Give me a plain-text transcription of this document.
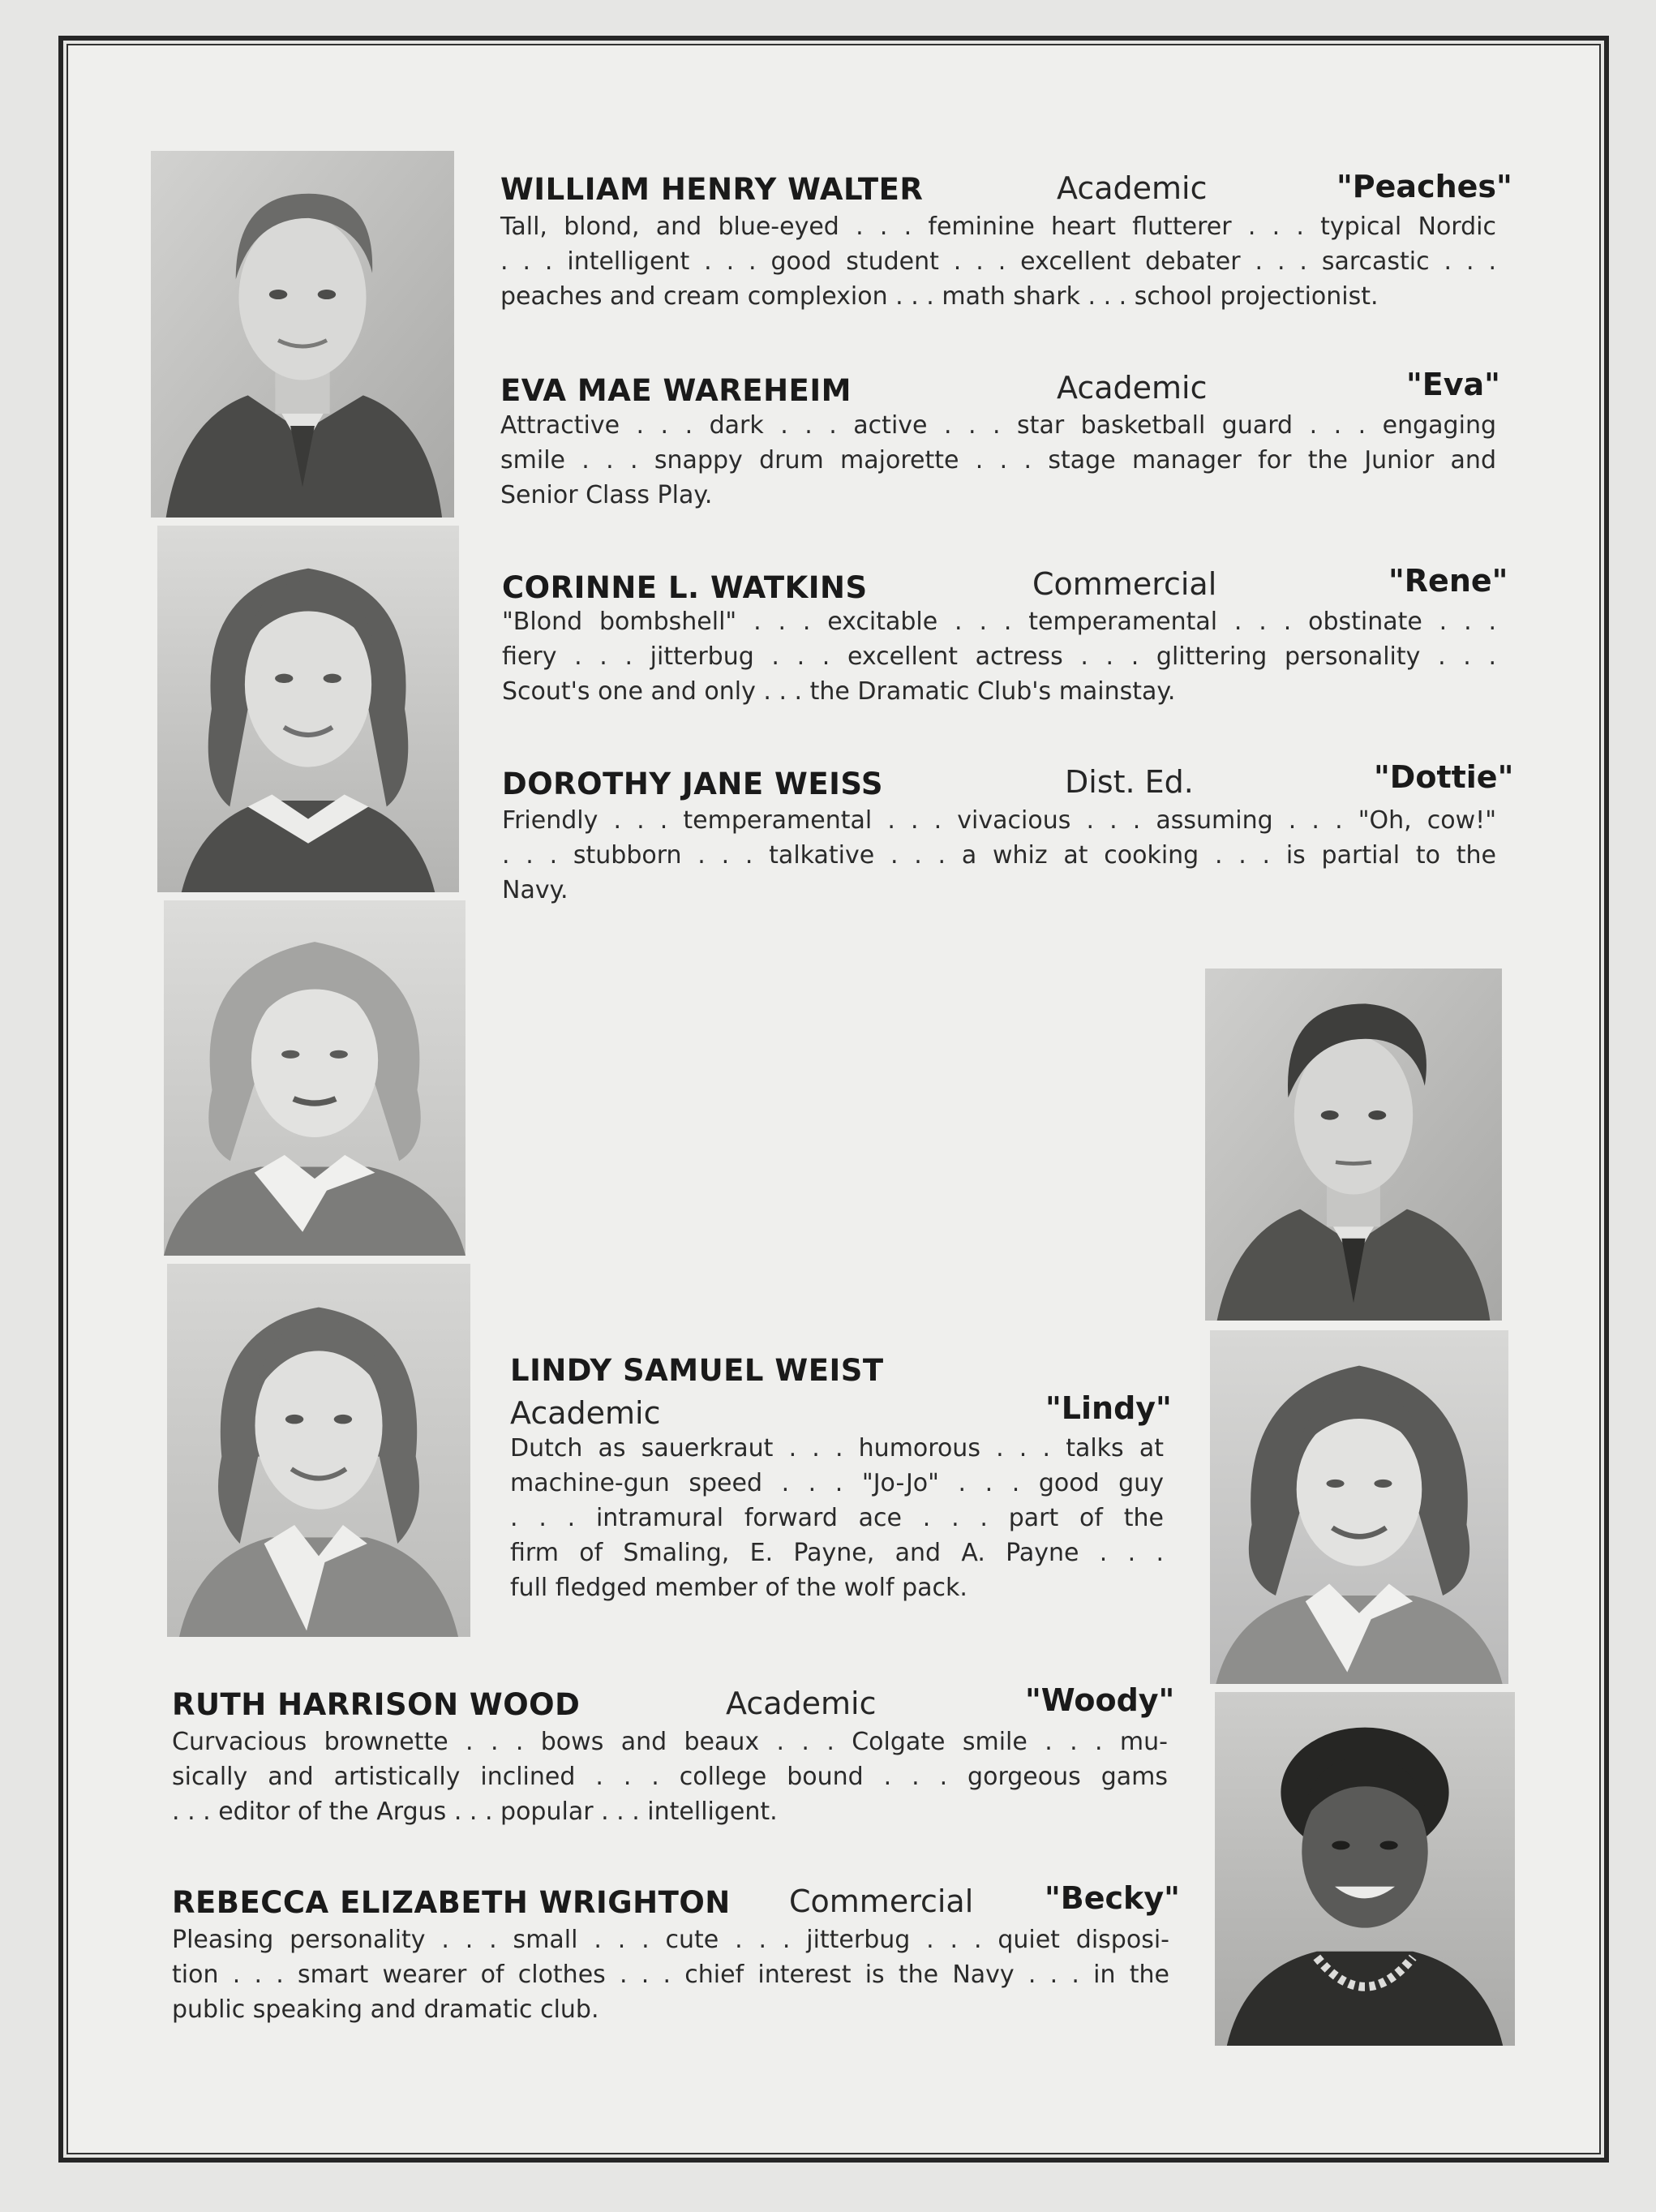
WILLIAM HENRY WALTER	Academic	"Peaches"
Tall, blond, and blue-eyed . . . feminine heart flutterer . . . typical Nordic
. . . intelligent . . . good student . . . excellent debater . . . sarcastic . . .
peaches and cream complexion . . . math shark . . . school projectionist.
EVA MAE WAREHEIM	Academic	"Eva"
Attractive . . . dark . . . active . . . star basketball guard . . . engaging
smile . . . snappy drum majorette . . . stage manager for the Junior and
Senior Class Play.
CORINNE L. WATKINS	Commercial	"Rene"
"Blond bombshell" . . . excitable . . . temperamental . . . obstinate . . .
fiery . . . jitterbug . . . excellent actress . . . glittering personality . . .
Scout's one and only . . . the Dramatic Club's mainstay.
DOROTHY JANE WEISS	Dist. Ed.	"Dottie"
Friendly . . . temperamental . . . vivacious . . . assuming . . . "Oh, cow!"
. . . stubborn . . . talkative . . . a whiz at cooking . . . is partial to the
Navy.
LINDY SAMUEL WEIST
Academic	"Lindy"
Dutch as sauerkraut . . . humorous . . . talks at
machine-gun speed . . . "Jo-Jo" . . . good guy
. . . intramural forward ace . . . part of the
firm of Smaling, E. Payne, and A. Payne . . .
full fledged member of the wolf pack.
RUTH HARRISON WOOD	Academic	"Woody"
Curvacious brownette . . . bows and beaux . . . Colgate smile . . . mu-
sically and artistically inclined . . . college bound . . . gorgeous gams
. . . editor of the Argus . . . popular . . . intelligent.
REBECCA ELIZABETH WRIGHTON Commercial "Becky"
Pleasing personality . . . small . . . cute . . . jitterbug . . . quiet disposi-
tion . . . smart wearer of clothes . . . chief interest is the Navy . . . in the
public speaking and dramatic club.
